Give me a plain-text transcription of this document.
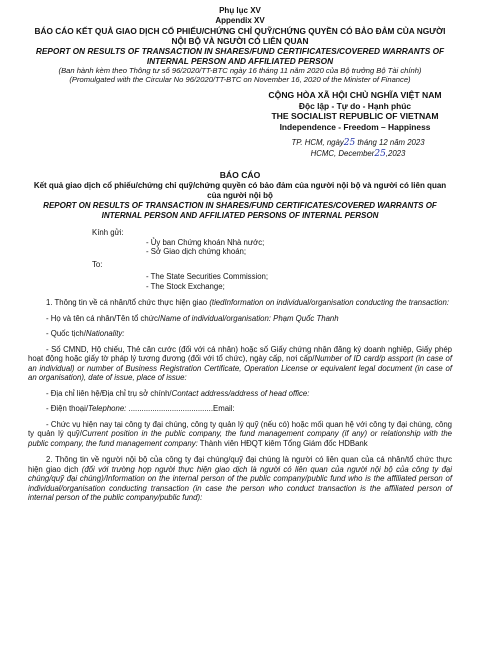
Phụ lục XV
Appendix XV
BÁO CÁO KẾT QUẢ GIAO DỊCH CỔ PHIẾU/CHỨNG CHỈ QUỸ/CHỨNG QUYỀN CÓ BẢO ĐẢM CỦA NGƯỜI NỘI BỘ VÀ NGƯỜI CÓ LIÊN QUAN
REPORT ON RESULTS OF TRANSACTION IN SHARES/FUND CERTIFICATES/COVERED WARRANTS OF INTERNAL PERSON AND AFFILIATED PERSON
(Ban hành kèm theo Thông tư số 96/2020/TT-BTC ngày 16 tháng 11 năm 2020 của Bộ trưởng Bộ Tài chính)
(Promulgated with the Circular No 96/2020/TT-BTC on November 16, 2020 of the Minister of Finance)
CỘNG HÒA XÃ HỘI CHỦ NGHĨA VIỆT NAM
Độc lập - Tự do - Hạnh phúc
THE SOCIALIST REPUBLIC OF VIETNAM
Independence - Freedom – Happiness
TP. HCM, ngày25 tháng 12 năm 2023
HCMC, December25,2023
BÁO CÁO
Kết quả giao dịch cổ phiếu/chứng chỉ quỹ/chứng quyền có bảo đảm của người nội bộ và người có liên quan của người nội bộ
REPORT ON RESULTS OF TRANSACTION IN SHARES/FUND CERTIFICATES/COVERED WARRANTS OF INTERNAL PERSON AND AFFILIATED PERSONS OF INTERNAL PERSON
Kính gửi:
- Ủy ban Chứng khoán Nhà nước;
- Sở Giao dịch chứng khoán;
To:
- The State Securities Commission;
- The Stock Exchange;
1. Thông tin về cá nhân/tổ chức thực hiện giao (tiedInformation on individual/organisation conducting the transaction:
- Họ và tên cá nhân/Tên tổ chức/Name of individual/organisation: Phạm Quốc Thanh
- Quốc tịch/Nationality:
- Số CMND, Hộ chiếu, Thẻ căn cước (đối với cá nhân) hoặc số Giấy chứng nhận đăng ký doanh nghiệp, Giấy phép hoạt động hoặc giấy tờ pháp lý tương đương (đối với tổ chức), ngày cấp, nơi cấp/Number of ID card/p assport (in case of an individual) or number of Business Registration Certificate, Operation License or equivalent legal document (in case of an organisation), date of issue, place of issue:
- Địa chỉ liên hệ/Địa chỉ trụ sở chính/Contact address/address of head office:
- Điện thoại/Telephone: .......................................Email:
- Chức vụ hiện nay tại công ty đại chúng, công ty quản lý quỹ (nếu có) hoặc mối quan hệ với công ty đại chúng, công ty quản lý quỹ/Current position in the public company, the fund management company (if any) or relationship with the public company, the fund management company: Thành viên HĐQT kiêm Tổng Giám đốc HDBank
2. Thông tin về người nội bộ của công ty đại chúng/quỹ đại chúng là người có liên quan của cá nhân/tổ chức thực hiện giao dịch (đối với trường hợp người thực hiện giao dịch là người có liên quan của người nội bộ của công ty đại chúng/quỹ đại chúng)/Information on the internal person of the public company/public fund who is the affiliated person of individual/organisation conducting transaction (in case the person who conduct transaction is the affiliated person of internal person of the public company/public fund):
